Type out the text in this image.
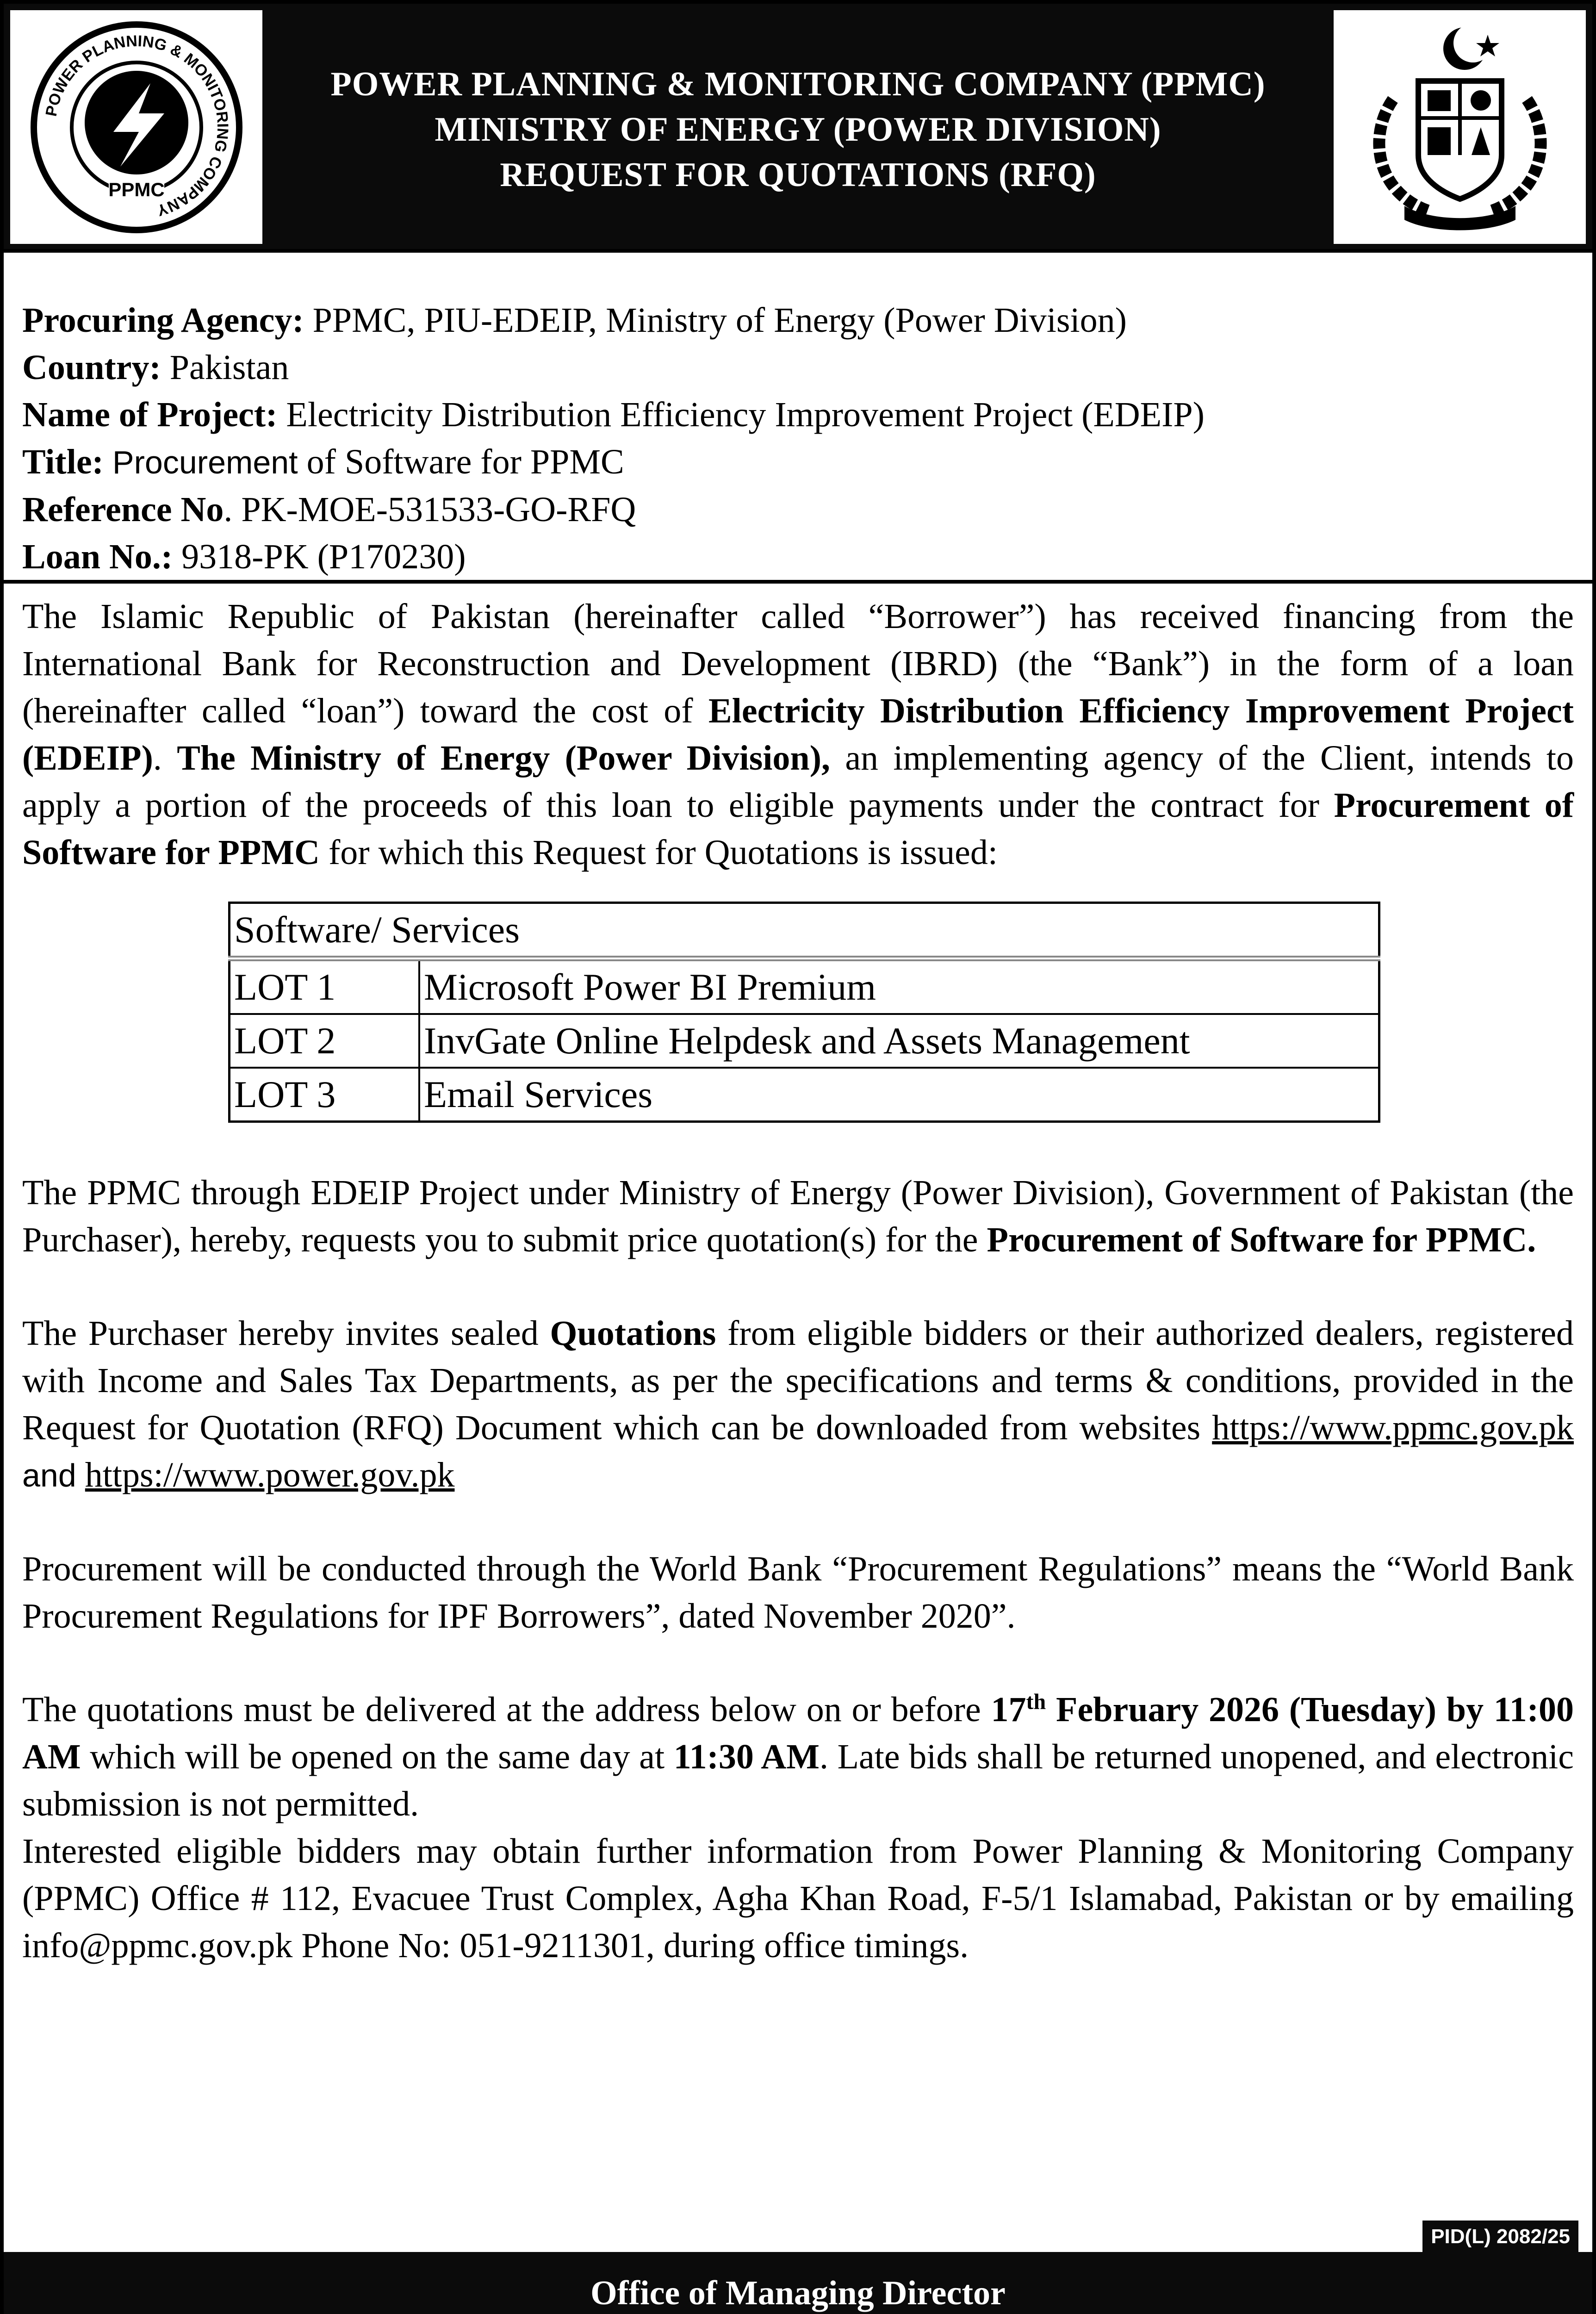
POWER PLANNING & MONITORING COMPANY
PPMC
POWER PLANNING & MONITORING COMPANY (PPMC)
MINISTRY OF ENERGY (POWER DIVISION)
REQUEST FOR QUOTATIONS (RFQ)
Procuring Agency: PPMC, PIU-EDEIP, Ministry of Energy (Power Division)
Country: Pakistan
Name of Project: Electricity Distribution Efficiency Improvement Project (EDEIP)
Title: Procurement of Software for PPMC
Reference No. PK-MOE-531533-GO-RFQ
Loan No.: 9318-PK (P170230)

The Islamic Republic of Pakistan (hereinafter called “Borrower”) has received financing from the International Bank for Reconstruction and Development (IBRD) (the “Bank”) in the form of a loan (hereinafter called “loan”) toward the cost of Electricity Distribution Efficiency Improvement Project (EDEIP). The Ministry of Energy (Power Division), an implementing agency of the Client, intends to apply a portion of the proceeds of this loan to eligible payments under the contract for Procurement of Software for PPMC for which this Request for Quotations is issued:

Software/ Services	
LOT 1	Microsoft Power BI Premium
LOT 2	InvGate Online Helpdesk and Assets Management
LOT 3	Email Services

The PPMC through EDEIP Project under Ministry of Energy (Power Division), Government of Pakistan (the Purchaser), hereby, requests you to submit price quotation(s) for the Procurement of Software for PPMC.

The Purchaser hereby invites sealed Quotations from eligible bidders or their authorized dealers, registered with Income and Sales Tax Departments, as per the specifications and terms & conditions, provided in the Request for Quotation (RFQ) Document which can be downloaded from websites https://www.ppmc.gov.pk and https://www.power.gov.pk

Procurement will be conducted through the World Bank “Procurement Regulations” means the “World Bank Procurement Regulations for IPF Borrowers”, dated November 2020”.

The quotations must be delivered at the address below on or before 17th February 2026 (Tuesday) by 11:00 AM which will be opened on the same day at 11:30 AM. Late bids shall be returned unopened, and electronic submission is not permitted.

Interested eligible bidders may obtain further information from Power Planning & Monitoring Company (PPMC) Office # 112, Evacuee Trust Complex, Agha Khan Road, F-5/1 Islamabad, Pakistan or by emailing info@ppmc.gov.pk Phone No: 051-9211301, during office timings.

PID(L) 2082/25
Office of Managing Director
